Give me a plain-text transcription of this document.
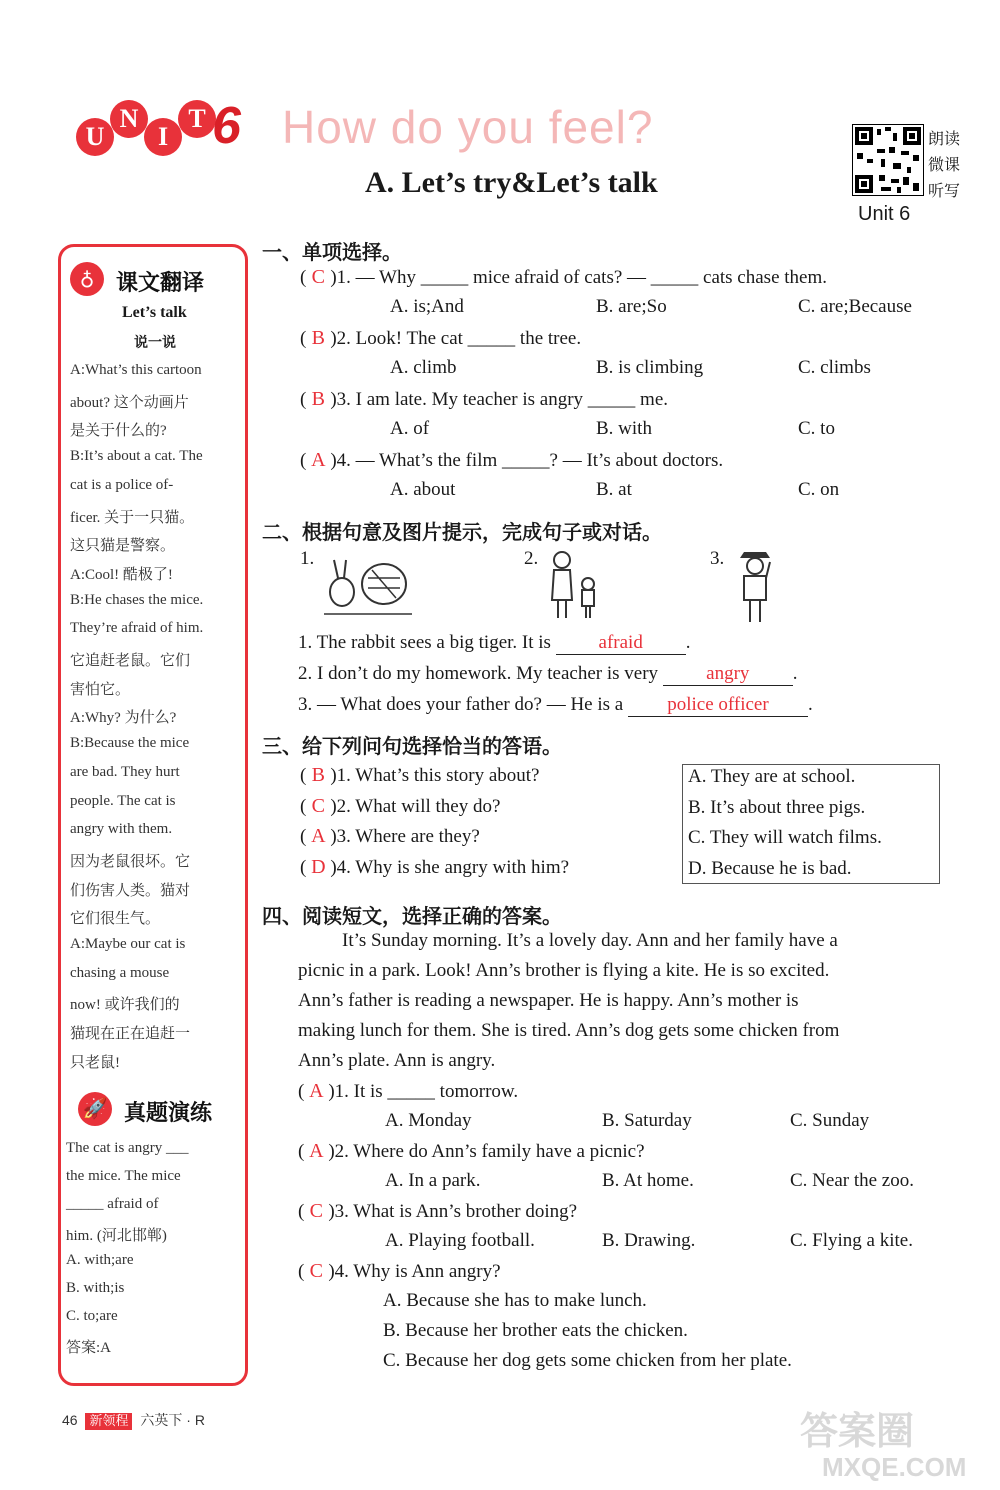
U
N
I
T 6 How do you feel?
A. Let’s try&Let’s talk
朗读
微课
听写
Unit 6
♁ 课文翻译
Let’s talk
说一说
A:What’s this cartoon
about? 这个动画片
是关于什么的?
B:It’s about a cat. The
cat is a police of-
ficer. 关于一只猫。
这只猫是警察。
A:Cool! 酷极了!
B:He chases the mice.
They’re afraid of him.
它追赶老鼠。它们
害怕它。
A:Why? 为什么?
B:Because the mice
are bad. They hurt
people. The cat is
angry with them.
因为老鼠很坏。它
们伤害人类。猫对
它们很生气。
A:Maybe our cat is
chasing a mouse
now! 或许我们的
猫现在正在追赶一
只老鼠!
🚀 真题演练
The cat is angry ___
the mice. The mice
_____ afraid of
him. (河北邯郸)
A. with;are
B. with;is
C. to;are
答案:A
一、单项选择。
( C )1. — Why _____ mice afraid of cats? — _____ cats chase them.
A. is;And	B. are;So	C. are;Because
( B )2. Look! The cat _____ the tree.
A. climb	B. is climbing	C. climbs
( B )3. I am late. My teacher is angry _____ me.
A. of	B. with	C. to
( A )4. — What’s the film _____? — It’s about doctors.
A. about	B. at	C. on
二、根据句意及图片提示，完成句子或对话。
1.	2.	3.
1. The rabbit sees a big tiger. It is afraid .
2. I don’t do my homework. My teacher is very angry .
3. — What does your father do? — He is a police officer .
三、给下列问句选择恰当的答语。
( B )1. What’s this story about?
( C )2. What will they do?
( A )3. Where are they?
( D )4. Why is she angry with him?
A. They are at school.
B. It’s about three pigs.
C. They will watch films.
D. Because he is bad.
四、阅读短文，选择正确的答案。
It’s Sunday morning. It’s a lovely day. Ann and her family have a
picnic in a park. Look! Ann’s brother is flying a kite. He is so excited.
Ann’s father is reading a newspaper. He is happy. Ann’s mother is
making lunch for them. She is tired. Ann’s dog gets some chicken from
Ann’s plate. Ann is angry.
( A )1. It is _____ tomorrow.
A. Monday	B. Saturday	C. Sunday
( A )2. Where do Ann’s family have a picnic?
A. In a park.	B. At home.	C. Near the zoo.
( C )3. What is Ann’s brother doing?
A. Playing football.	B. Drawing.	C. Flying a kite.
( C )4. Why is Ann angry?
A. Because she has to make lunch.
B. Because her brother eats the chicken.
C. Because her dog gets some chicken from her plate.
46 新领程 六英下 · R	答案圈
MXQE.COM
